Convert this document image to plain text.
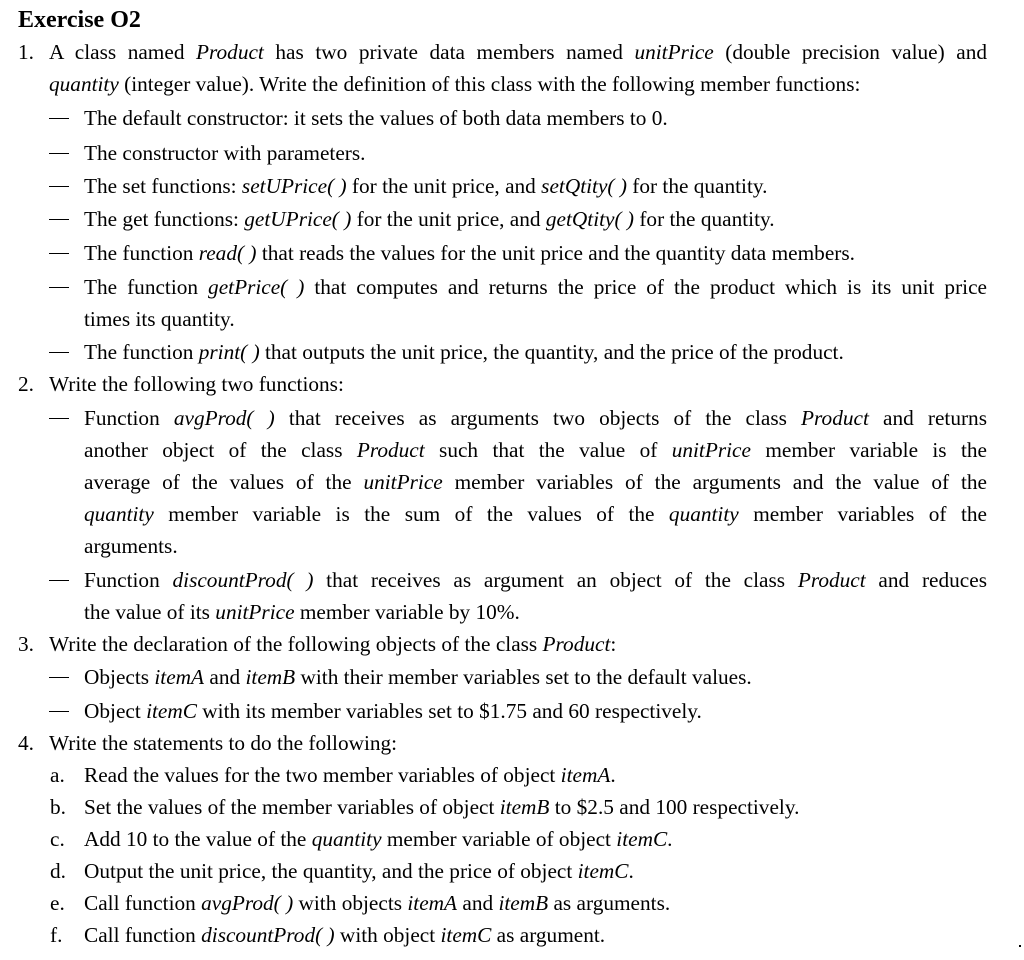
Exercise O2
1. A class named Product has two private data members named unitPrice (double precision value) and
quantity (integer value). Write the definition of this class with the following member functions:
The default constructor: it sets the values of both data members to 0.
The constructor with parameters.
The set functions: setUPrice( ) for the unit price, and setQtity( ) for the quantity.
The get functions: getUPrice( ) for the unit price, and getQtity( ) for the quantity.
The function read( ) that reads the values for the unit price and the quantity data members.
The function getPrice( ) that computes and returns the price of the product which is its unit price
times its quantity.
The function print( ) that outputs the unit price, the quantity, and the price of the product.
2. Write the following two functions:
Function avgProd( ) that receives as arguments two objects of the class Product and returns
another object of the class Product such that the value of unitPrice member variable is the
average of the values of the unitPrice member variables of the arguments and the value of the
quantity member variable is the sum of the values of the quantity member variables of the
arguments.
Function discountProd( ) that receives as argument an object of the class Product and reduces
the value of its unitPrice member variable by 10%.
3. Write the declaration of the following objects of the class Product:
Objects itemA and itemB with their member variables set to the default values.
Object itemC with its member variables set to $1.75 and 60 respectively.
4. Write the statements to do the following:
a. Read the values for the two member variables of object itemA.
b. Set the values of the member variables of object itemB to $2.5 and 100 respectively.
c. Add 10 to the value of the quantity member variable of object itemC.
d. Output the unit price, the quantity, and the price of object itemC.
e. Call function avgProd( ) with objects itemA and itemB as arguments.
f. Call function discountProd( ) with object itemC as argument.
